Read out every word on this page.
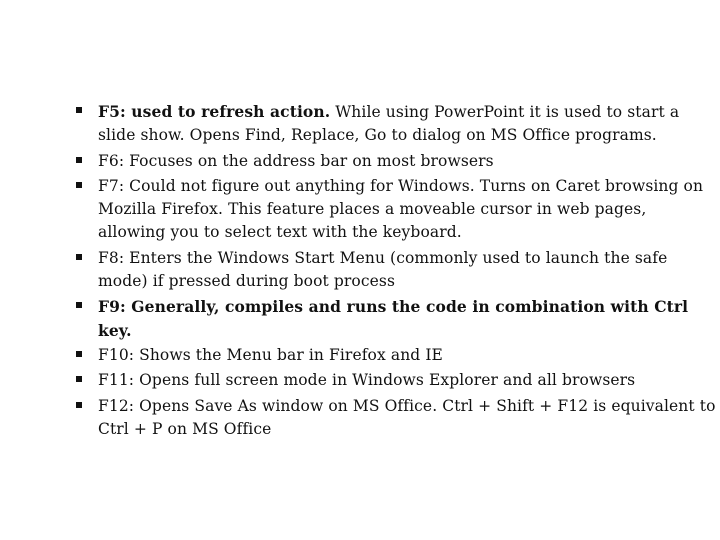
F5: used to refresh action. While using PowerPoint it is used to start a slide show. Opens Find, Replace, Go to dialog on MS Office programs.
F6: Focuses on the address bar on most browsers
F7: Could not figure out anything for Windows. Turns on Caret browsing on Mozilla Firefox. This feature places a moveable cursor in web pages, allowing you to select text with the keyboard.
F8: Enters the Windows Start Menu (commonly used to launch the safe mode) if pressed during boot process
F9: Generally, compiles and runs the code in combination with Ctrl key.
F10: Shows the Menu bar in Firefox and IE
F11: Opens full screen mode in Windows Explorer and all browsers
F12: Opens Save As window on MS Office. Ctrl + Shift + F12 is equivalent to Ctrl + P on MS Office
